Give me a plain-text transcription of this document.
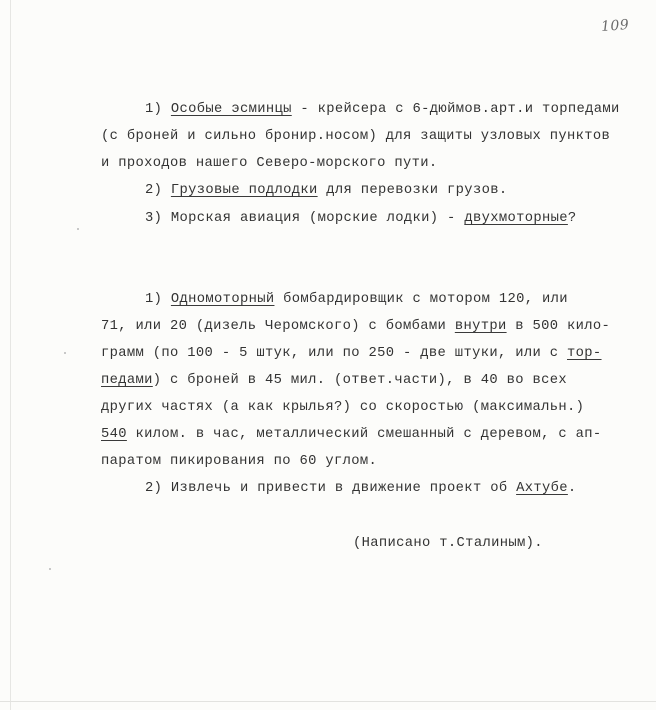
109
1) Особые эсминцы - крейсера с 6-дюймов.арт.и торпедами
(с броней и сильно бронир.носом) для защиты узловых пунктов
и проходов нашего Северо-морского пути.
2) Грузовые подлодки для перевозки грузов.
3) Морская авиация (морские лодки) - двухмоторные?
1) Одномоторный бомбардировщик с мотором 120, или
71, или 20 (дизель Черомского) с бомбами внутри в 500 кило-
грамм (по 100 - 5 штук, или по 250 - две штуки, или с тор-
педами) с броней в 45 мил. (ответ.части), в 40 во всех
других частях (а как крылья?) со скоростью (максимальн.)
540 килом. в час, металлический смешанный с деревом, с ап-
паратом пикирования по 60 углом.
2) Извлечь и привести в движение проект об Ахтубе.
(Написано т.Сталиным).
